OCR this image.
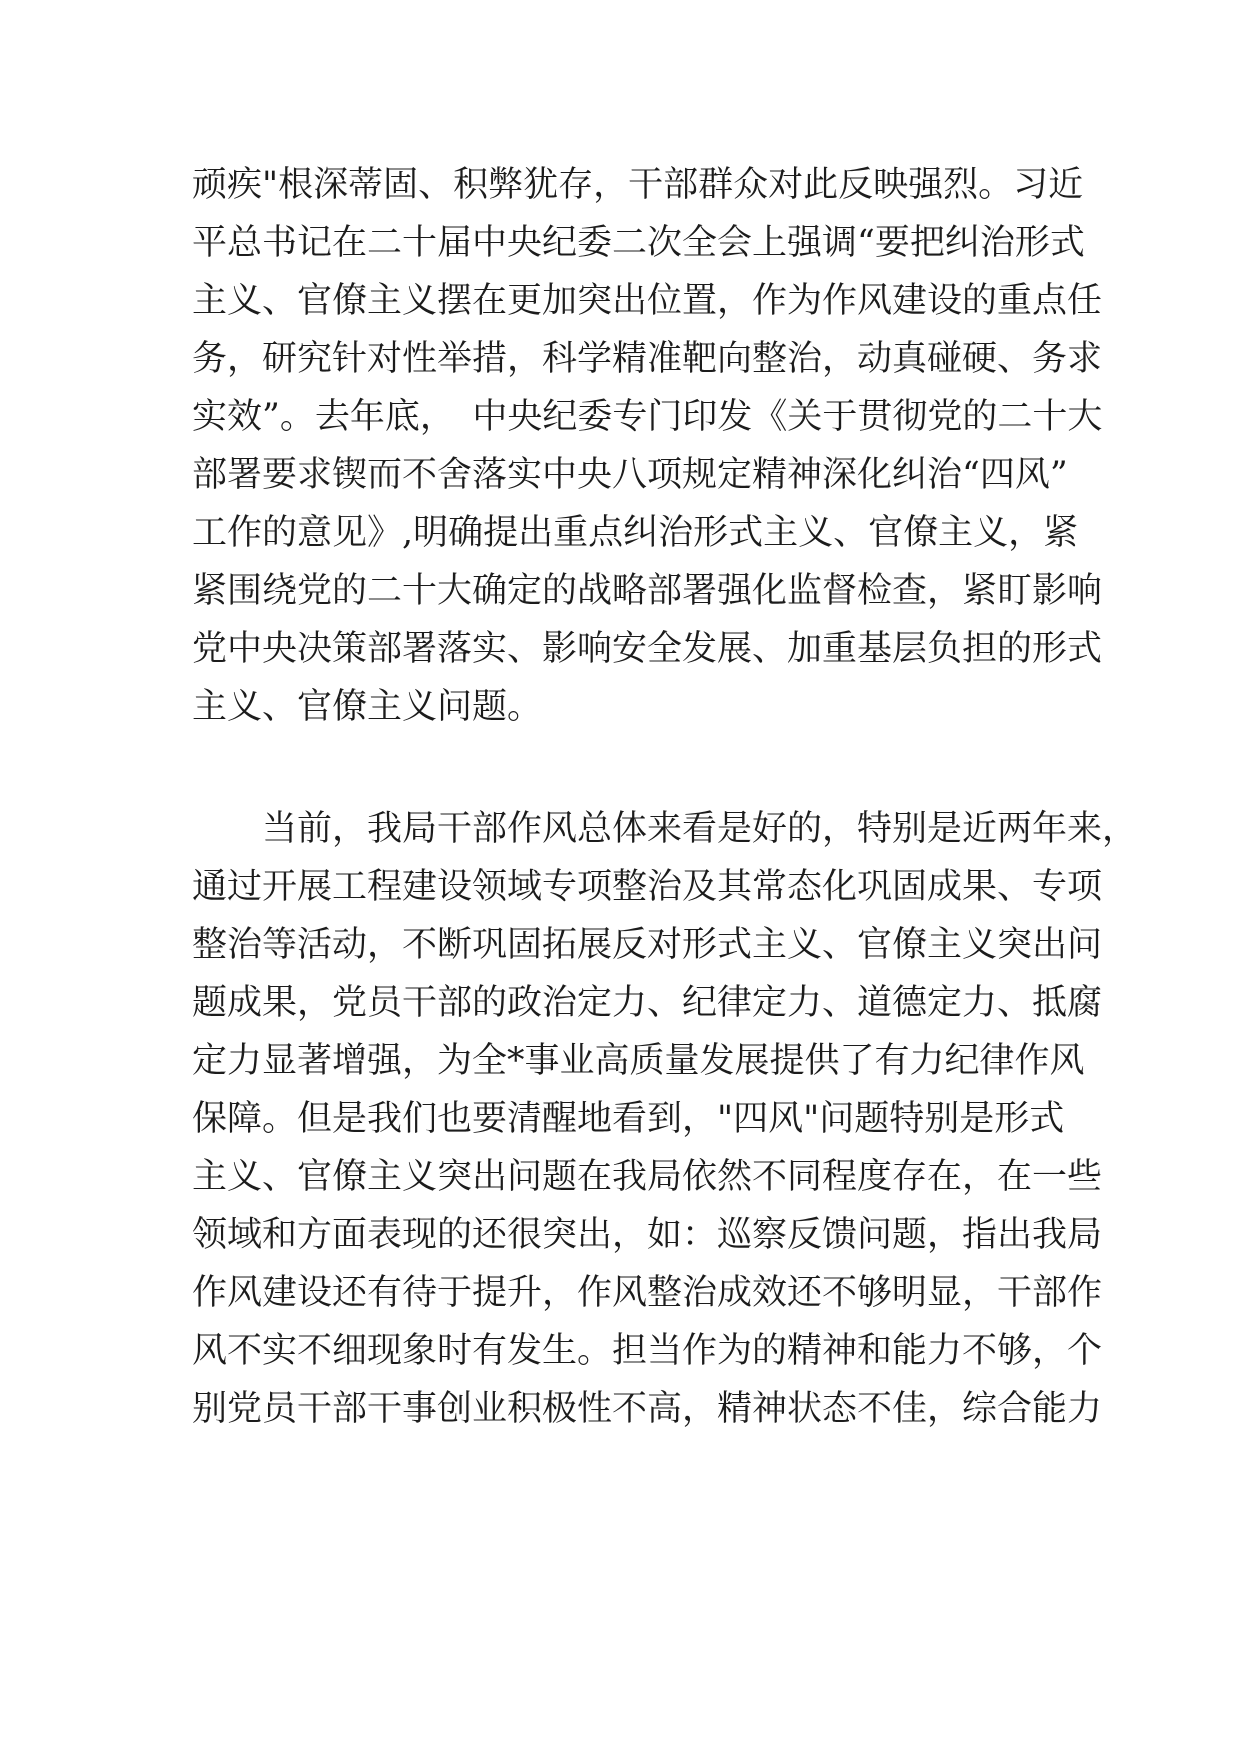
顽疾"根深蒂固、积弊犹存，干部群众对此反映强烈。习近
平总书记在二十届中央纪委二次全会上强调“要把纠治形式
主义、官僚主义摆在更加突出位置，作为作风建设的重点任
务，研究针对性举措，科学精准靶向整治，动真碰硬、务求
实效”。去年底，　中央纪委专门印发《关于贯彻党的二十大
部署要求锲而不舍落实中央八项规定精神深化纠治“四风”
工作的意见》,明确提出重点纠治形式主义、官僚主义，紧
紧围绕党的二十大确定的战略部署强化监督检查，紧盯影响
党中央决策部署落实、影响安全发展、加重基层负担的形式
主义、官僚主义问题。
当前，我局干部作风总体来看是好的，特别是近两年来，
通过开展工程建设领域专项整治及其常态化巩固成果、专项
整治等活动，不断巩固拓展反对形式主义、官僚主义突出问
题成果，党员干部的政治定力、纪律定力、道德定力、抵腐
定力显著增强，为全*事业高质量发展提供了有力纪律作风
保障。但是我们也要清醒地看到，"四风"问题特别是形式
主义、官僚主义突出问题在我局依然不同程度存在，在一些
领域和方面表现的还很突出，如：巡察反馈问题，指出我局
作风建设还有待于提升，作风整治成效还不够明显，干部作
风不实不细现象时有发生。担当作为的精神和能力不够，个
别党员干部干事创业积极性不高，精神状态不佳，综合能力
